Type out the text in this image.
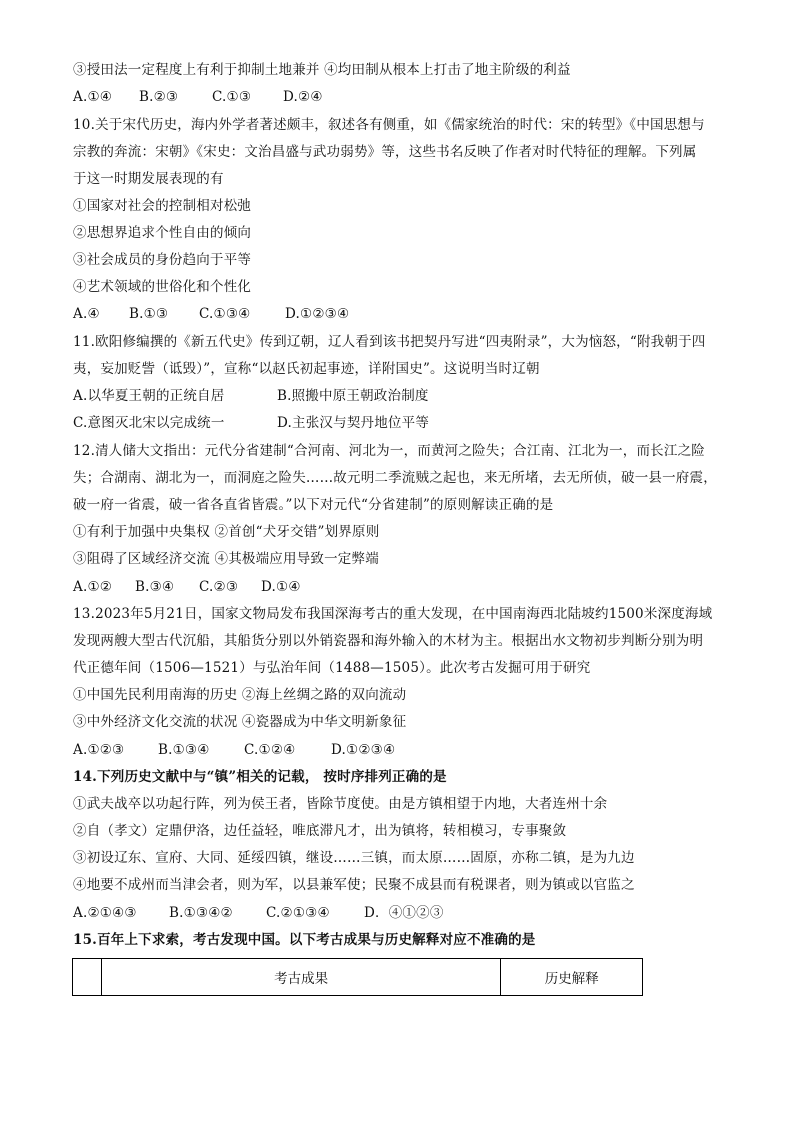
③授田法一定程度上有利于抑制土地兼并 ④均田制从根本上打击了地主阶级的利益
A.①④ B.②③	C.①③ D.②④
10.关于宋代历史，海内外学者著述颇丰，叙述各有侧重，如《儒家统治的时代：宋的转型》《中国思想与
宗教的奔流：宋朝》《宋史：文治昌盛与武功弱势》等，这些书名反映了作者对时代特征的理解。下列属
于这一时期发展表现的有
①国家对社会的控制相对松弛
②思想界追求个性自由的倾向
③社会成员的身份趋向于平等
④艺术领域的世俗化和个性化
A.④ B.①③ C.①③④	D.①②③④
11.欧阳修编撰的《新五代史》传到辽朝，辽人看到该书把契丹写进“四夷附录”，大为恼怒，“附我朝于四
夷，妄加贬訾（诋毁）”，宣称“以赵氏初起事迹，详附国史”。这说明当时辽朝
A.以华夏王朝的正统自居	B.照搬中原王朝政治制度
C.意图灭北宋以完成统一	D.主张汉与契丹地位平等
12.清人储大文指出：元代分省建制“合河南、河北为一，而黄河之险失；合江南、江北为一，而长江之险
失；合湖南、湖北为一，而洞庭之险失……故元明二季流贼之起也，来无所堵，去无所侦，破一县一府震，
破一府一省震，破一省各直省皆震。”以下对元代“分省建制”的原则解读正确的是
①有利于加强中央集权 ②首创“犬牙交错”划界原则
③阻碍了区域经济交流 ④其极端应用导致一定弊端
A.①② B.③④ C.②③ D.①④
13.2023年5月21日，国家文物局发布我国深海考古的重大发现，在中国南海西北陆坡约1500米深度海域
发现两艘大型古代沉船，其船货分别以外销瓷器和海外输入的木材为主。根据出水文物初步判断分别为明
代正德年间（1506—1521）与弘治年间（1488—1505）。此次考古发掘可用于研究
①中国先民利用南海的历史 ②海上丝绸之路的双向流动
③中外经济文化交流的状况 ④瓷器成为中华文明新象征
A.①②③ B.①③④	C.①②④	D.①②③④
14.下列历史文献中与“镇”相关的记载， 按时序排列正确的是
①武夫战卒以功起行阵，列为侯王者，皆除节度使。由是方镇相望于内地，大者连州十余
②自（孝文）定鼎伊洛，边任益轻，唯底滞凡才，出为镇将，转相模习，专事聚敛
③初设辽东、宣府、大同、延绥四镇，继设……三镇，而太原……固原，亦称二镇，是为九边
④地要不成州而当津会者，则为军，以县兼军使；民聚不成县而有税课者，则为镇或以官监之
A.②①④③ B.①③④② C.②①③④	D．④①②③
15.百年上下求索，考古发现中国。以下考古成果与历史解释对应不准确的是
	考古成果	历史解释
